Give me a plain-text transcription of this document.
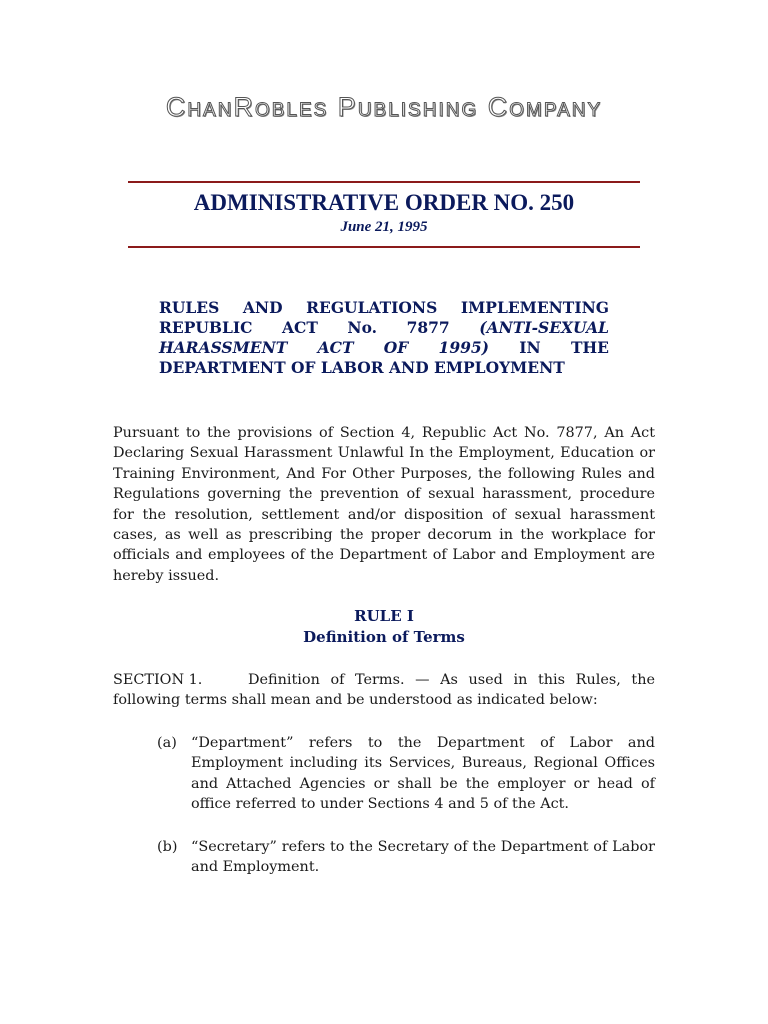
ChanRobles Publishing Company
ADMINISTRATIVE ORDER NO. 250
June 21, 1995
RULES AND REGULATIONS IMPLEMENTING REPUBLIC ACT No. 7877 (ANTI-SEXUAL HARASSMENT ACT OF 1995) IN THE DEPARTMENT OF LABOR AND EMPLOYMENT
Pursuant to the provisions of Section 4, Republic Act No. 7877, An Act Declaring Sexual Harassment Unlawful In the Employment, Education or Training Environment, And For Other Purposes, the following Rules and Regulations governing the prevention of sexual harassment, procedure for the resolution, settlement and/or disposition of sexual harassment cases, as well as prescribing the proper decorum in the workplace for officials and employees of the Department of Labor and Employment are hereby issued.
RULE I
Definition of Terms
SECTION 1.	Definition of Terms. — As used in this Rules, the following terms shall mean and be understood as indicated below:
(a) “Department” refers to the Department of Labor and Employment including its Services, Bureaus, Regional Offices and Attached Agencies or shall be the employer or head of office referred to under Sections 4 and 5 of the Act.
(b) “Secretary” refers to the Secretary of the Department of Labor and Employment.
